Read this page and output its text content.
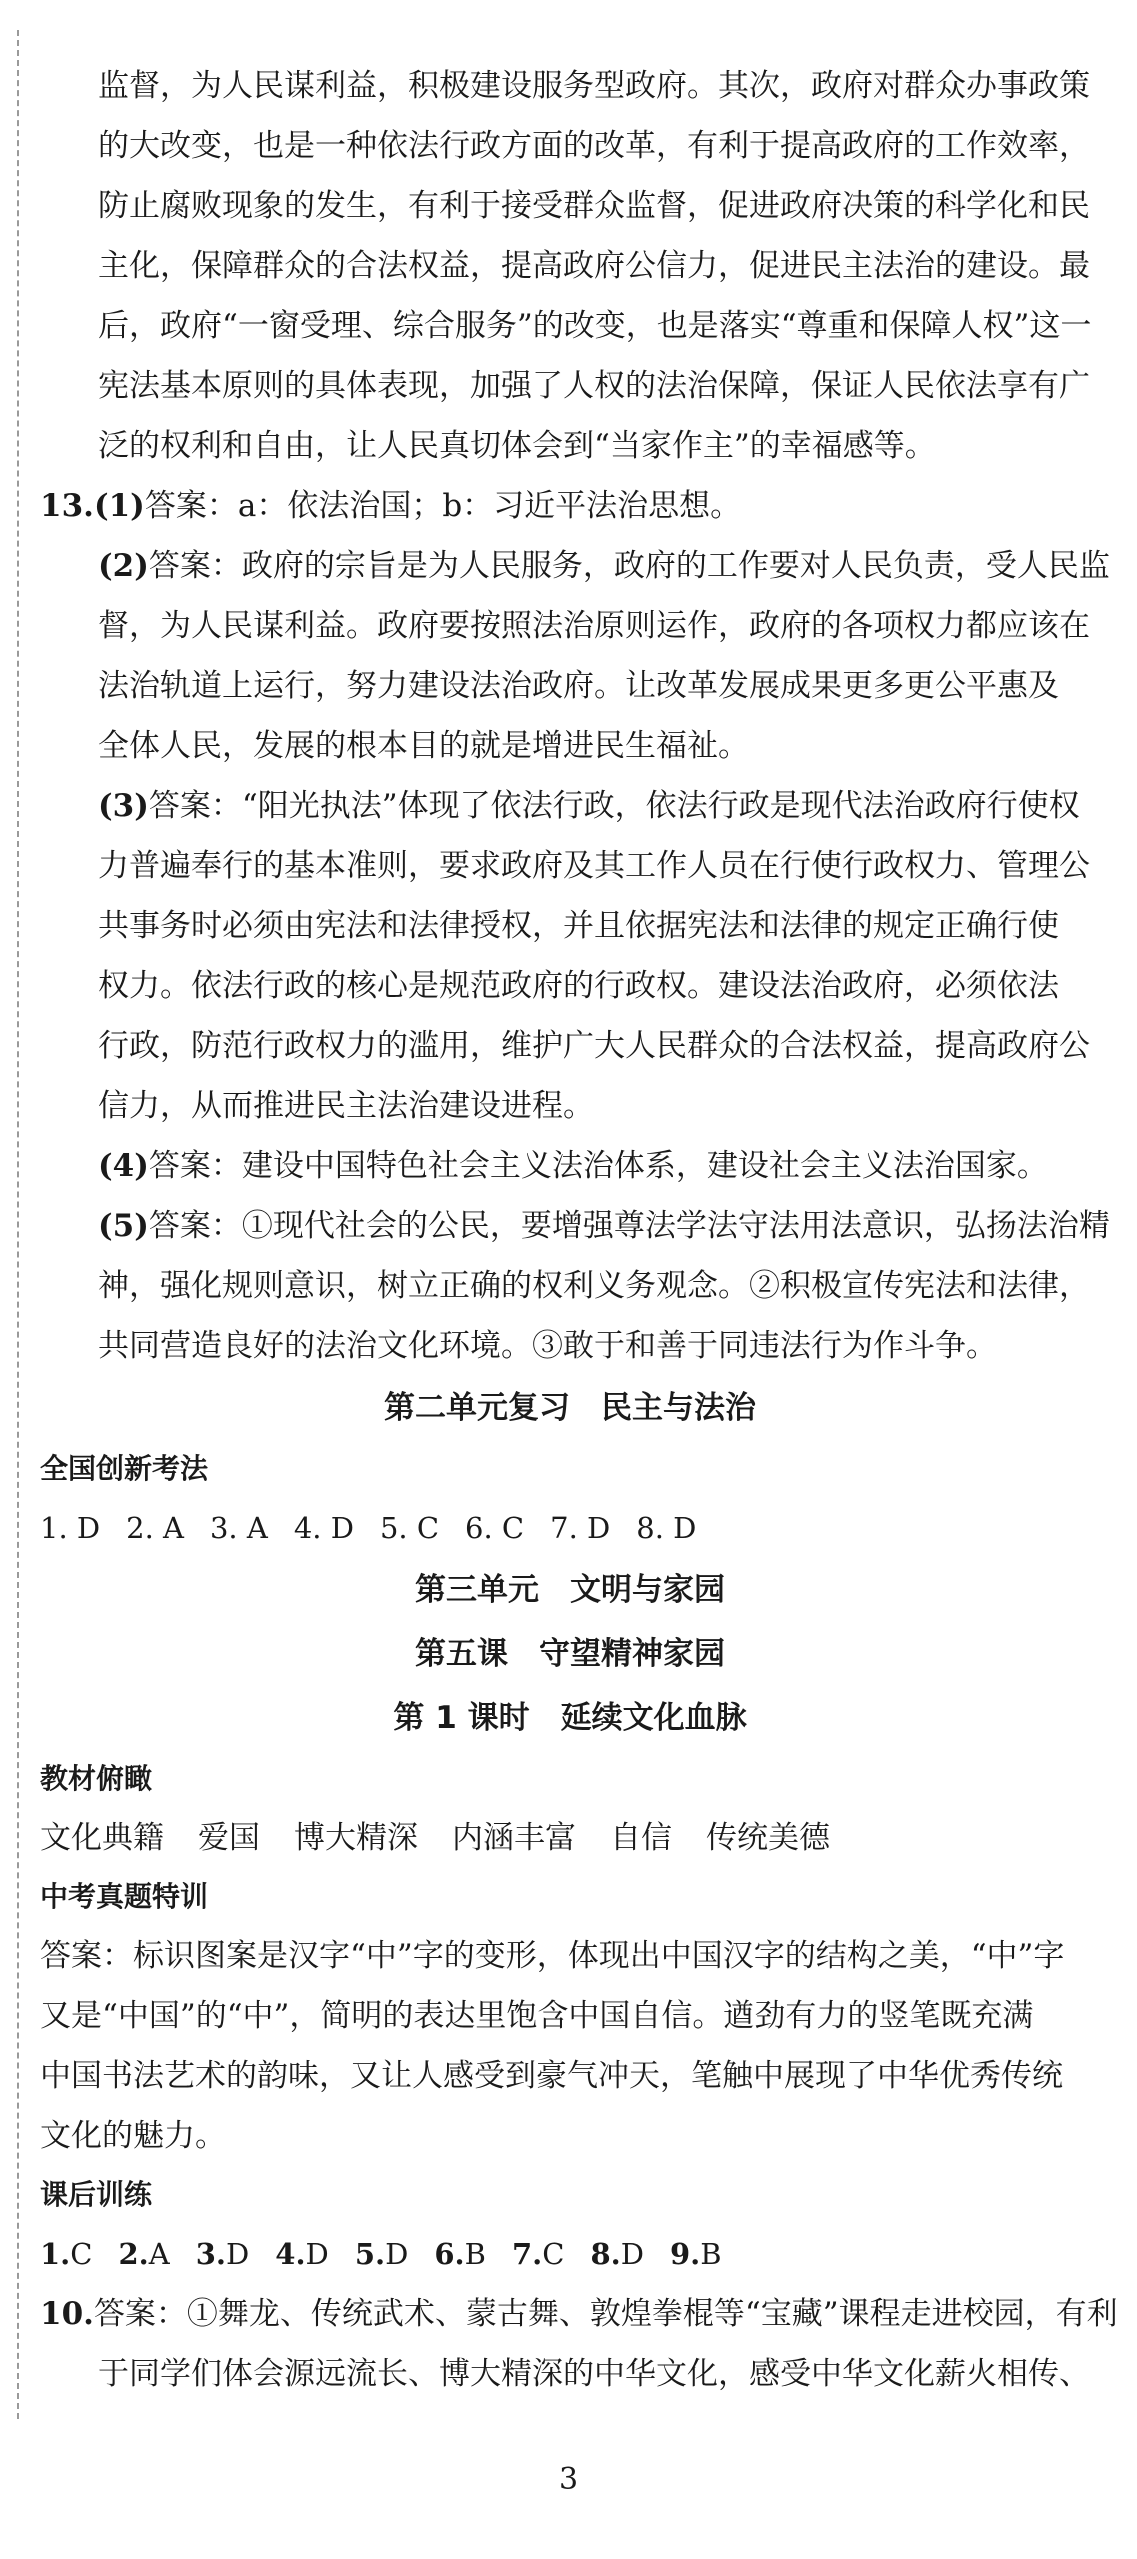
监督，为人民谋利益，积极建设服务型政府。其次，政府对群众办事政策

的大改变，也是一种依法行政方面的改革，有利于提高政府的工作效率，

防止腐败现象的发生，有利于接受群众监督，促进政府决策的科学化和民

主化，保障群众的合法权益，提高政府公信力，促进民主法治的建设。最

后，政府“一窗受理、综合服务”的改变，也是落实“尊重和保障人权”这一

宪法基本原则的具体表现，加强了人权的法治保障，保证人民依法享有广

泛的权利和自由，让人民真切体会到“当家作主”的幸福感等。

13.(1)答案：a：依法治国；b：习近平法治思想。

(2)答案：政府的宗旨是为人民服务，政府的工作要对人民负责，受人民监

督，为人民谋利益。政府要按照法治原则运作，政府的各项权力都应该在

法治轨道上运行，努力建设法治政府。让改革发展成果更多更公平惠及

全体人民，发展的根本目的就是增进民生福祉。

(3)答案：“阳光执法”体现了依法行政，依法行政是现代法治政府行使权

力普遍奉行的基本准则，要求政府及其工作人员在行使行政权力、管理公

共事务时必须由宪法和法律授权，并且依据宪法和法律的规定正确行使

权力。依法行政的核心是规范政府的行政权。建设法治政府，必须依法

行政，防范行政权力的滥用，维护广大人民群众的合法权益，提高政府公

信力，从而推进民主法治建设进程。

(4)答案：建设中国特色社会主义法治体系，建设社会主义法治国家。

(5)答案：①现代社会的公民，要增强尊法学法守法用法意识，弘扬法治精

神，强化规则意识，树立正确的权利义务观念。②积极宣传宪法和法律，

共同营造良好的法治文化环境。③敢于和善于同违法行为作斗争。

第二单元复习　民主与法治

全国创新考法

1. D 2. A 3. A 4. D 5. C 6. C 7. D 8. D

第三单元　文明与家园

第五课　守望精神家园

第 1 课时　延续文化血脉

教材俯瞰

文化典籍 爱国 博大精深 内涵丰富 自信 传统美德

中考真题特训

答案：标识图案是汉字“中”字的变形，体现出中国汉字的结构之美，“中”字

又是“中国”的“中”，简明的表达里饱含中国自信。遒劲有力的竖笔既充满

中国书法艺术的韵味，又让人感受到豪气冲天，笔触中展现了中华优秀传统

文化的魅力。

课后训练

1.C 2.A 3.D 4.D 5.D 6.B 7.C 8.D 9.B

10.答案：①舞龙、传统武术、蒙古舞、敦煌拳棍等“宝藏”课程走进校园，有利

于同学们体会源远流长、博大精深的中华文化，感受中华文化薪火相传、

3
